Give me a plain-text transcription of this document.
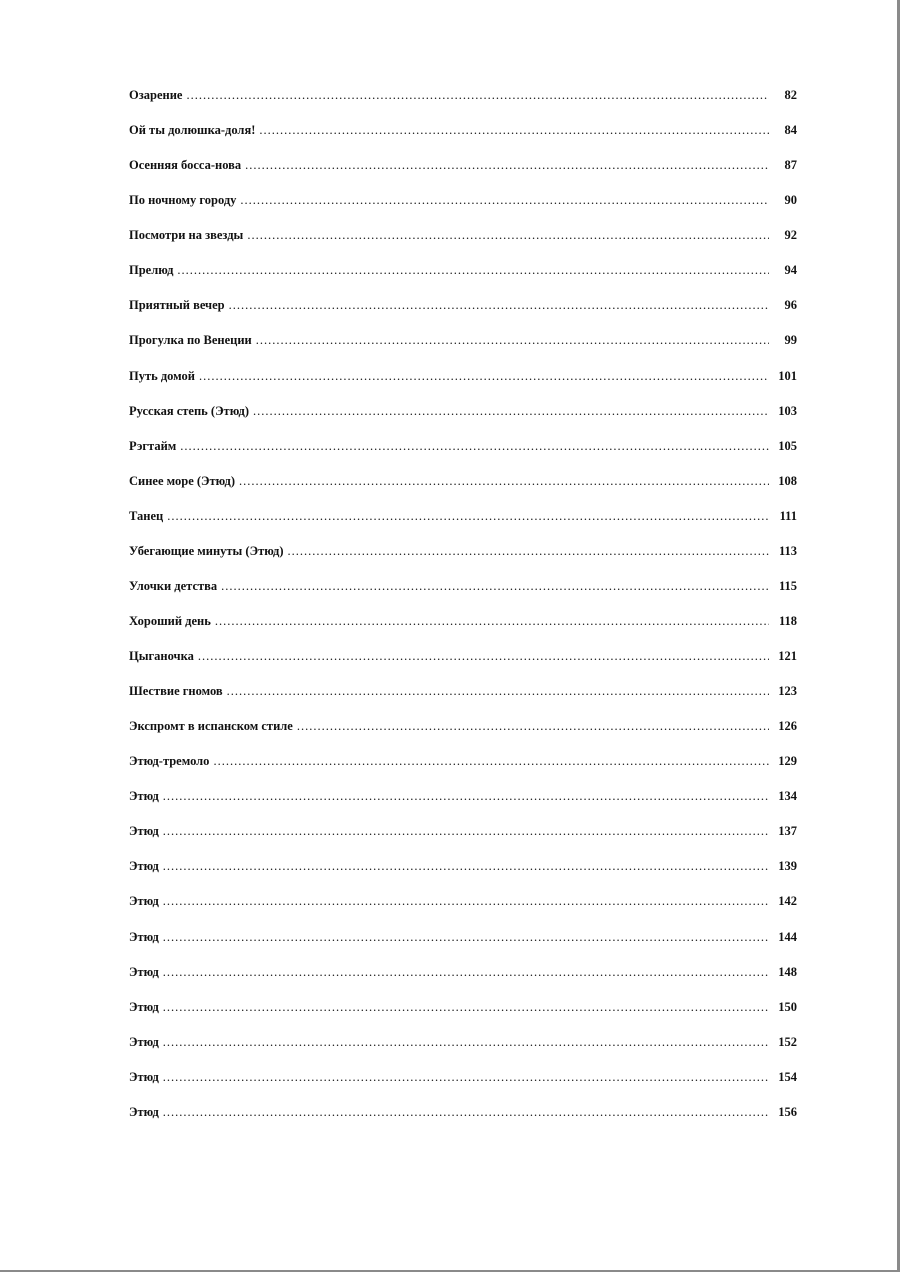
Озарение .....	82
Ой ты долюшка-доля! .....	84
Осенняя босса-нова .....	87
По ночному городу .....	90
Посмотри на звезды .....	92
Прелюд .....	94
Приятный вечер .....	96
Прогулка по Венеции .....	99
Путь домой .....	101
Русская степь (Этюд) .....	103
Рэгтайм .....	105
Синее море (Этюд) .....	108
Танец .....	111
Убегающие минуты (Этюд) .....	113
Улочки детства .....	115
Хороший день .....	118
Цыганочка .....	121
Шествие гномов .....	123
Экспромт в испанском стиле .....	126
Этюд-тремоло .....	129
Этюд .....	134
Этюд .....	137
Этюд .....	139
Этюд .....	142
Этюд .....	144
Этюд .....	148
Этюд .....	150
Этюд .....	152
Этюд .....	154
Этюд .....	156
